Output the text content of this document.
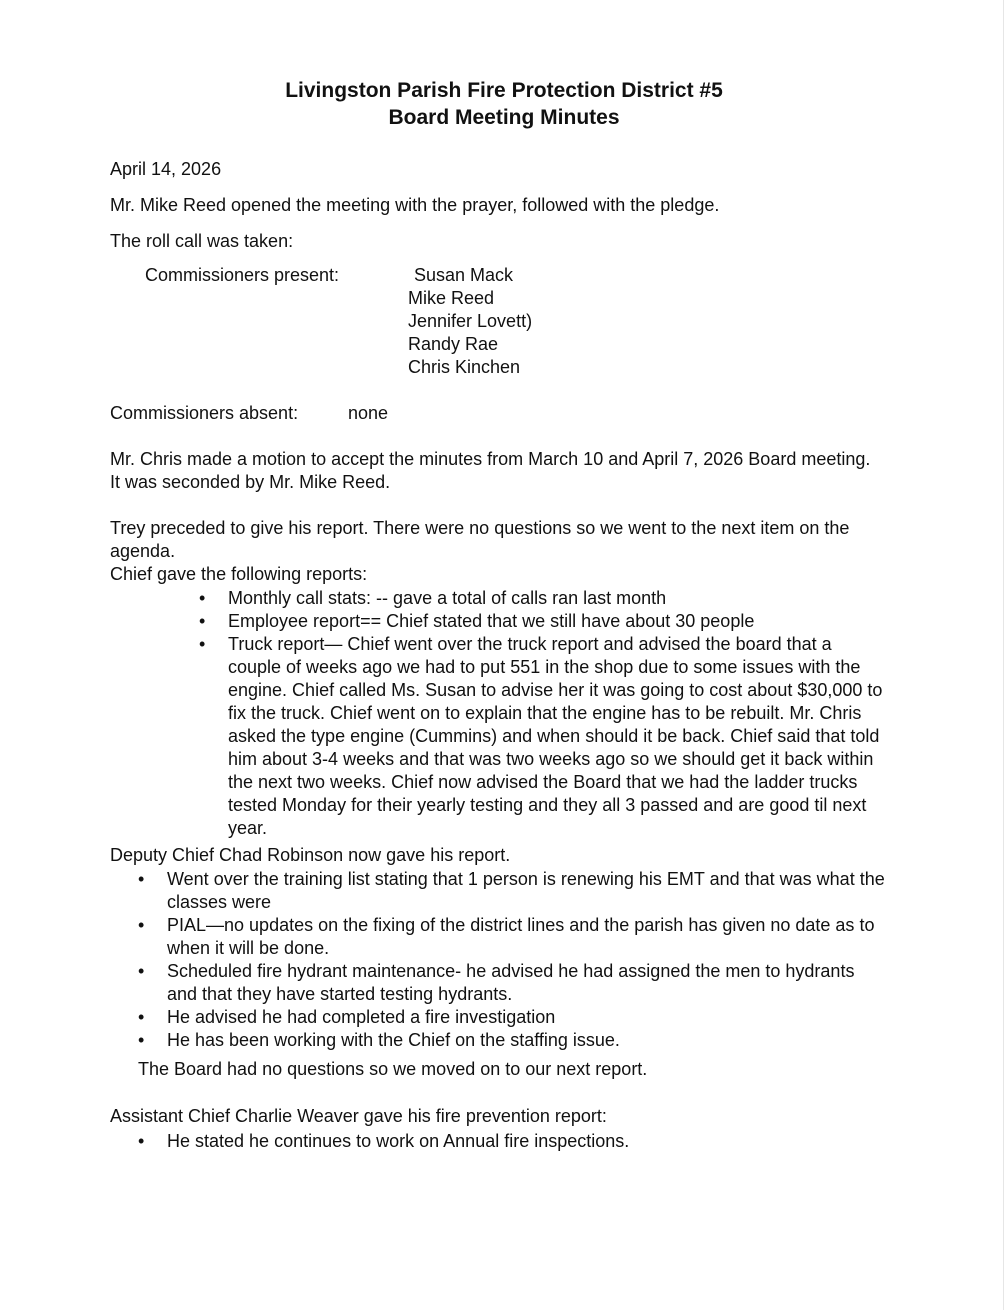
Livingston Parish Fire Protection District #5
Board Meeting Minutes
April 14, 2026
Mr. Mike Reed opened the meeting with the prayer, followed with the pledge.
The roll call was taken:
Commissioners present:	Susan Mack
Mike Reed
Jennifer Lovett)
Randy Rae
Chris Kinchen
Commissioners absent:	none
Mr. Chris made a motion to accept the minutes from March 10 and April 7, 2026 Board meeting. It was seconded by Mr. Mike Reed.
Trey preceded to give his report. There were no questions so we went to the next item on the agenda.
Chief gave the following reports:
• Monthly call stats: -- gave a total of calls ran last month
• Employee report== Chief stated that we still have about 30 people
• Truck report— Chief went over the truck report and advised the board that a couple of weeks ago we had to put 551 in the shop due to some issues with the engine. Chief called Ms. Susan to advise her it was going to cost about $30,000 to fix the truck. Chief went on to explain that the engine has to be rebuilt. Mr. Chris asked the type engine (Cummins) and when should it be back. Chief said that told him about 3-4 weeks and that was two weeks ago so we should get it back within the next two weeks. Chief now advised the Board that we had the ladder trucks tested Monday for their yearly testing and they all 3 passed and are good til next year.
Deputy Chief Chad Robinson now gave his report.
• Went over the training list stating that 1 person is renewing his EMT and that was what the classes were
• PIAL—no updates on the fixing of the district lines and the parish has given no date as to when it will be done.
• Scheduled fire hydrant maintenance- he advised he had assigned the men to hydrants and that they have started testing hydrants.
• He advised he had completed a fire investigation
• He has been working with the Chief on the staffing issue.
The Board had no questions so we moved on to our next report.
Assistant Chief Charlie Weaver gave his fire prevention report:
• He stated he continues to work on Annual fire inspections.
